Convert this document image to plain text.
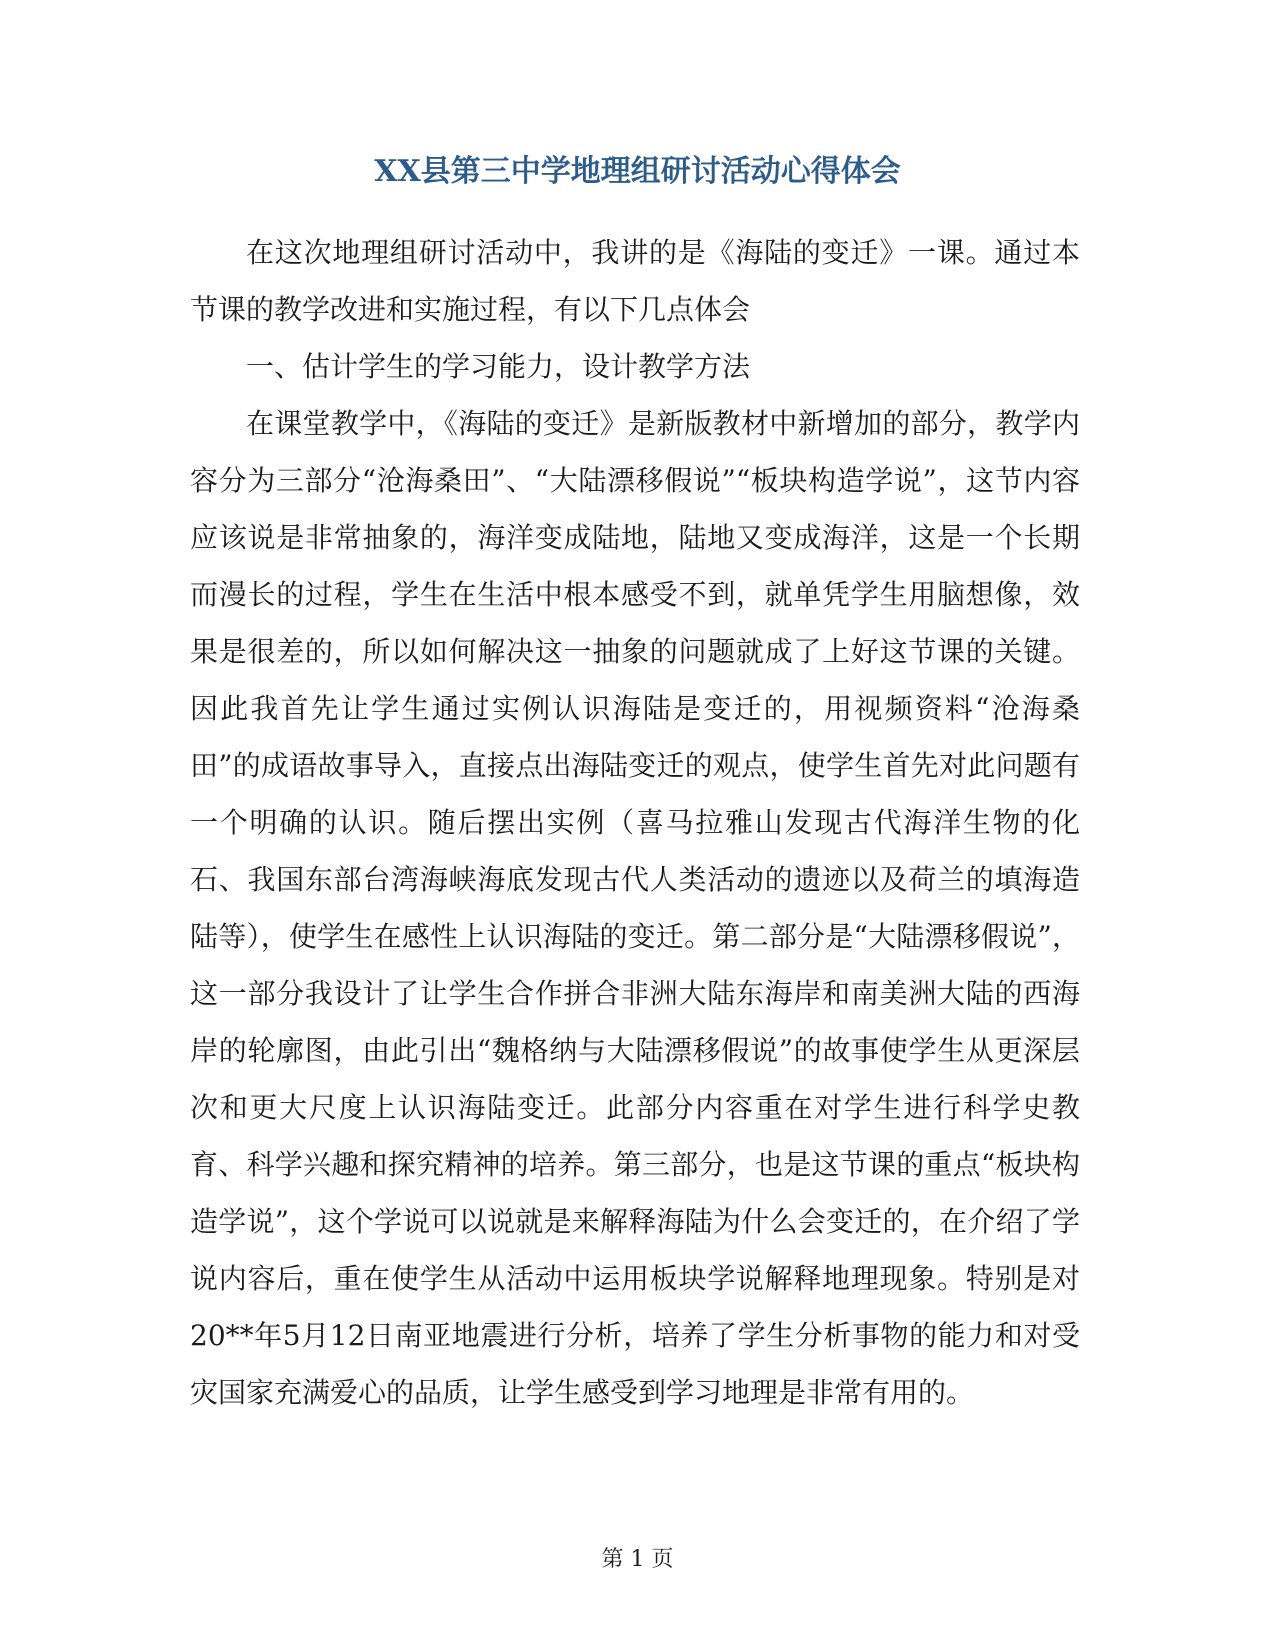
XX县第三中学地理组研讨活动心得体会

在这次地理组研讨活动中，我讲的是《海陆的变迁》一课。通过本节课的教学改进和实施过程，有以下几点体会

一、估计学生的学习能力，设计教学方法

在课堂教学中，《海陆的变迁》是新版教材中新增加的部分，教学内容分为三部分“沧海桑田”、“大陆漂移假说”“板块构造学说”，这节内容应该说是非常抽象的，海洋变成陆地，陆地又变成海洋，这是一个长期而漫长的过程，学生在生活中根本感受不到，就单凭学生用脑想像，效果是很差的，所以如何解决这一抽象的问题就成了上好这节课的关键。因此我首先让学生通过实例认识海陆是变迁的，用视频资料“沧海桑田”的成语故事导入，直接点出海陆变迁的观点，使学生首先对此问题有一个明确的认识。随后摆出实例（喜马拉雅山发现古代海洋生物的化石、我国东部台湾海峡海底发现古代人类活动的遗迹以及荷兰的填海造陆等），使学生在感性上认识海陆的变迁。第二部分是“大陆漂移假说”，这一部分我设计了让学生合作拼合非洲大陆东海岸和南美洲大陆的西海岸的轮廓图，由此引出“魏格纳与大陆漂移假说”的故事使学生从更深层次和更大尺度上认识海陆变迁。此部分内容重在对学生进行科学史教育、科学兴趣和探究精神的培养。第三部分，也是这节课的重点“板块构造学说”，这个学说可以说就是来解释海陆为什么会变迁的，在介绍了学说内容后，重在使学生从活动中运用板块学说解释地理现象。特别是对20**年5月12日南亚地震进行分析，培养了学生分析事物的能力和对受灾国家充满爱心的品质，让学生感受到学习地理是非常有用的。

第 1 页
